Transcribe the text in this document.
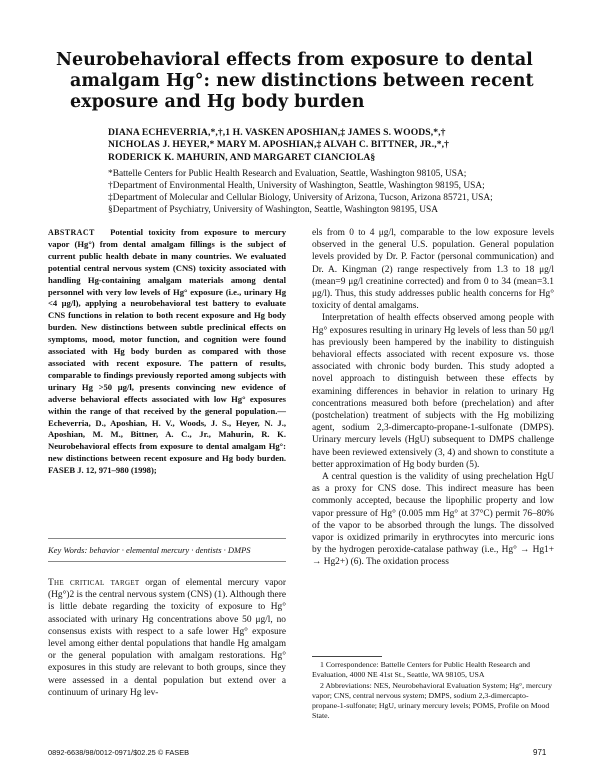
Neurobehavioral effects from exposure to dental
amalgam Hg°: new distinctions between recent
exposure and Hg body burden
DIANA ECHEVERRIA,*,†,1 H. VASKEN APOSHIAN,‡ JAMES S. WOODS,*,†
NICHOLAS J. HEYER,* MARY M. APOSHIAN,‡ ALVAH C. BITTNER, JR.,*,†
RODERICK K. MAHURIN, AND MARGARET CIANCIOLA§
*Battelle Centers for Public Health Research and Evaluation, Seattle, Washington 98105, USA;
†Department of Environmental Health, University of Washington, Seattle, Washington 98195, USA;
‡Department of Molecular and Cellular Biology, University of Arizona, Tucson, Arizona 85721, USA;
§Department of Psychiatry, University of Washington, Seattle, Washington 98195, USA

ABSTRACT Potential toxicity from exposure to mercury vapor (Hg°) from dental amalgam fillings is the subject of current public health debate in many countries. We evaluated potential central nervous system (CNS) toxicity associated with handling Hg-containing amalgam materials among dental personnel with very low levels of Hg° exposure (i.e., urinary Hg <4 μg/l), applying a neurobehavioral test battery to evaluate CNS functions in relation to both recent exposure and Hg body burden. New distinctions between subtle preclinical effects on symptoms, mood, motor function, and cognition were found associated with Hg body burden as compared with those associated with recent exposure. The pattern of results, comparable to findings previously reported among subjects with urinary Hg >50 μg/l, presents convincing new evidence of adverse behavioral effects associated with low Hg° exposures within the range of that received by the general population.—Echeverria, D., Aposhian, H. V., Woods, J. S., Heyer, N. J., Aposhian, M. M., Bittner, A. C., Jr., Mahurin, R. K. Neurobehavioral effects from exposure to dental amalgam Hg°: new distinctions between recent exposure and Hg body burden. FASEB J. 12, 971–980 (1998);

Key Words: behavior · elemental mercury · dentists · DMPS

The critical target organ of elemental mercury vapor (Hg°)2 is the central nervous system (CNS) (1). Although there is little debate regarding the toxicity of exposure to Hg° associated with urinary Hg concentrations above 50 μg/l, no consensus exists with respect to a safe lower Hg° exposure level among either dental populations that handle Hg amalgam or the general population with amalgam restorations. Hg° exposures in this study are relevant to both groups, since they were assessed in a dental population but extend over a continuum of urinary Hg lev-

els from 0 to 4 μg/l, comparable to the low exposure levels observed in the general U.S. population. General population levels provided by Dr. P. Factor (personal communication) and Dr. A. Kingman (2) range respectively from 1.3 to 18 μg/l (mean=9 μg/l creatinine corrected) and from 0 to 34 (mean=3.1 μg/l). Thus, this study addresses public health concerns for Hg° toxicity of dental amalgams.

Interpretation of health effects observed among people with Hg° exposures resulting in urinary Hg levels of less than 50 μg/l has previously been hampered by the inability to distinguish behavioral effects associated with recent exposure vs. those associated with chronic body burden. This study adopted a novel approach to distinguish between these effects by examining differences in behavior in relation to urinary Hg concentrations measured both before (prechelation) and after (postchelation) treatment of subjects with the Hg mobilizing agent, sodium 2,3-dimercapto-propane-1-sulfonate (DMPS). Urinary mercury levels (HgU) subsequent to DMPS challenge have been reviewed extensively (3, 4) and shown to constitute a better approximation of Hg body burden (5).

A central question is the validity of using prechelation HgU as a proxy for CNS dose. This indirect measure has been commonly accepted, because the lipophilic property and low vapor pressure of Hg° (0.005 mm Hg° at 37°C) permit 76–80% of the vapor to be absorbed through the lungs. The dissolved vapor is oxidized primarily in erythrocytes into mercuric ions by the hydrogen peroxide-catalase pathway (i.e., Hg° → Hg1+ → Hg2+) (6). The oxidation process

1 Correspondence: Battelle Centers for Public Health Research and Evaluation, 4000 NE 41st St., Seattle, WA 98105, USA

2 Abbreviations: NES, Neurobehavioral Evaluation System; Hg°, mercury vapor; CNS, central nervous system; DMPS, sodium 2,3-dimercapto-propane-1-sulfonate; HgU, urinary mercury levels; POMS, Profile on Mood State.

0892-6638/98/0012-0971/$02.25 © FASEB	971
